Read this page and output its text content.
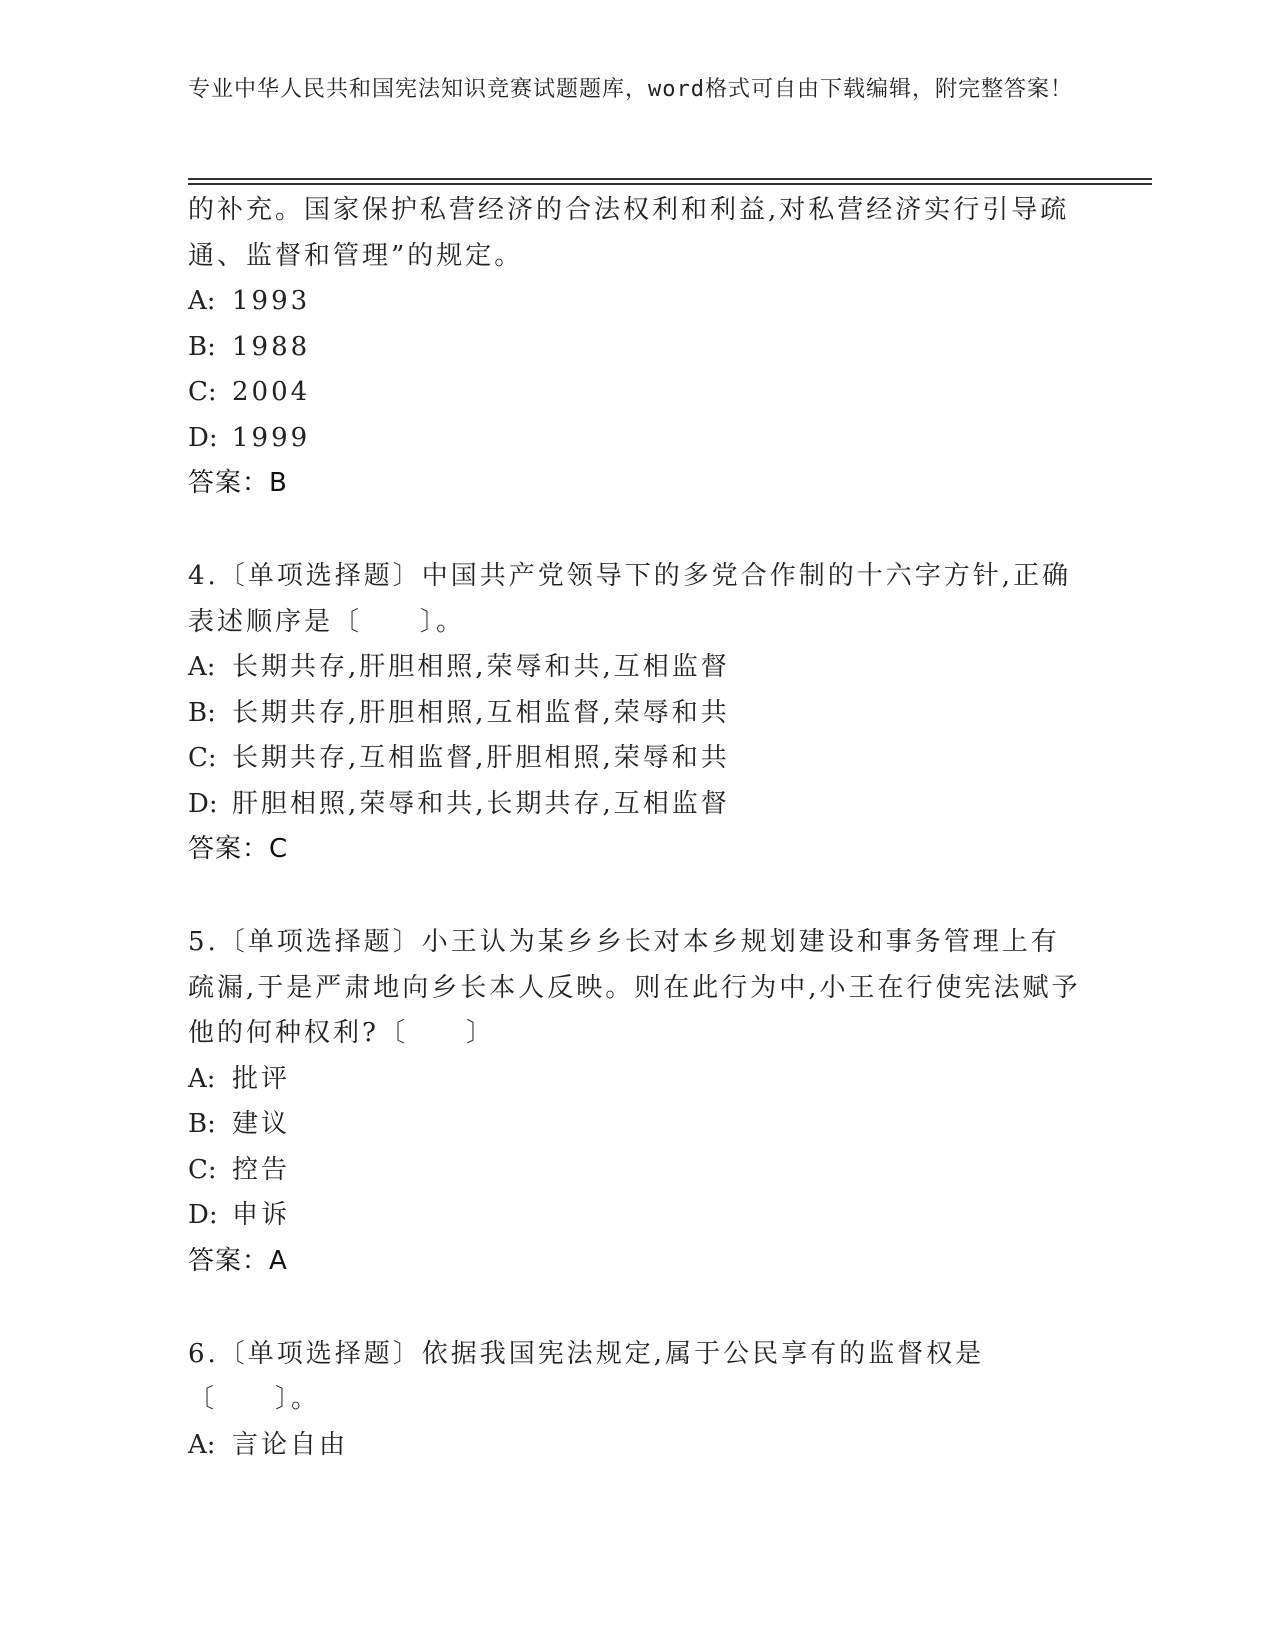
专业中华人民共和国宪法知识竞赛试题题库，word格式可自由下载编辑，附完整答案！

的补充。国家保护私营经济的合法权利和利益,对私营经济实行引导疏通、监督和管理”的规定。

A: 1993
B: 1988
C: 2004
D: 1999
答案：B

4.〔单项选择题〕中国共产党领导下的多党合作制的十六字方针,正确表述顺序是〔　　〕。

A: 长期共存,肝胆相照,荣辱和共,互相监督
B: 长期共存,肝胆相照,互相监督,荣辱和共
C: 长期共存,互相监督,肝胆相照,荣辱和共
D: 肝胆相照,荣辱和共,长期共存,互相监督
答案：C

5.〔单项选择题〕小王认为某乡乡长对本乡规划建设和事务管理上有疏漏,于是严肃地向乡长本人反映。则在此行为中,小王在行使宪法赋予他的何种权利?〔　　〕

A: 批评
B: 建议
C: 控告
D: 申诉
答案：A

6.〔单项选择题〕依据我国宪法规定,属于公民享有的监督权是〔　　〕。

A: 言论自由
